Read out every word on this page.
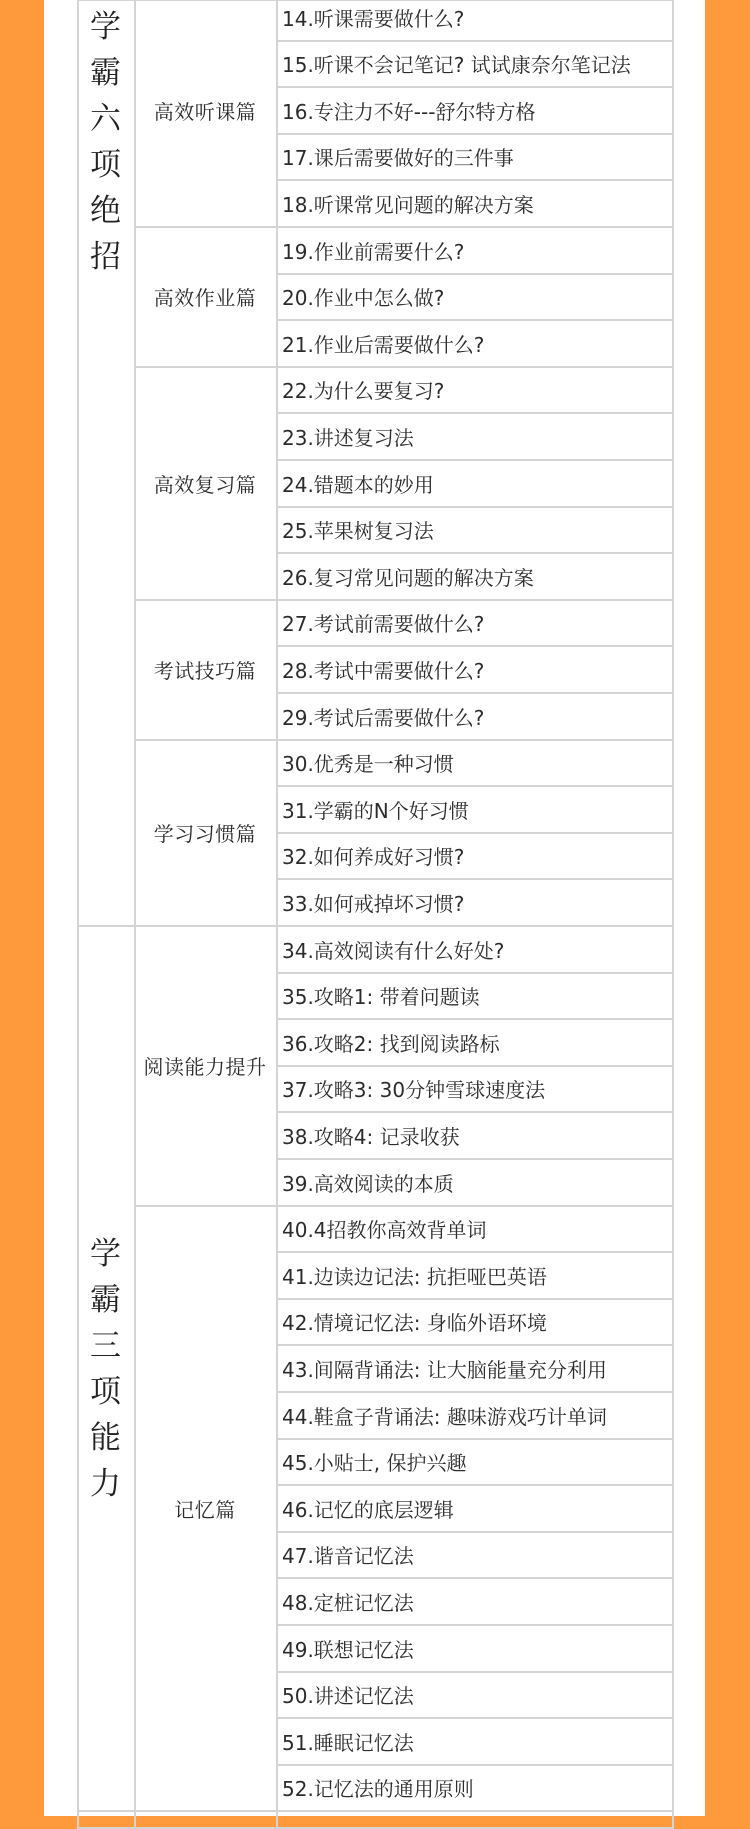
学霸六项绝招
高效听课篇
14.听课需要做什么?
15.听课不会记笔记? 试试康奈尔笔记法
16.专注力不好---舒尔特方格
17.课后需要做好的三件事
18.听课常见问题的解决方案
高效作业篇
19.作业前需要什么?
20.作业中怎么做?
21.作业后需要做什么?
高效复习篇
22.为什么要复习?
23.讲述复习法
24.错题本的妙用
25.苹果树复习法
26.复习常见问题的解决方案
考试技巧篇
27.考试前需要做什么?
28.考试中需要做什么?
29.考试后需要做什么?
学习习惯篇
30.优秀是一种习惯
31.学霸的N个好习惯
32.如何养成好习惯?
33.如何戒掉坏习惯?
学霸三项能力
阅读能力提升
34.高效阅读有什么好处?
35.攻略1: 带着问题读
36.攻略2: 找到阅读路标
37.攻略3: 30分钟雪球速度法
38.攻略4: 记录收获
39.高效阅读的本质
记忆篇
40.4招教你高效背单词
41.边读边记法: 抗拒哑巴英语
42.情境记忆法: 身临外语环境
43.间隔背诵法: 让大脑能量充分利用
44.鞋盒子背诵法: 趣味游戏巧计单词
45.小贴士, 保护兴趣
46.记忆的底层逻辑
47.谐音记忆法
48.定桩记忆法
49.联想记忆法
50.讲述记忆法
51.睡眠记忆法
52.记忆法的通用原则
